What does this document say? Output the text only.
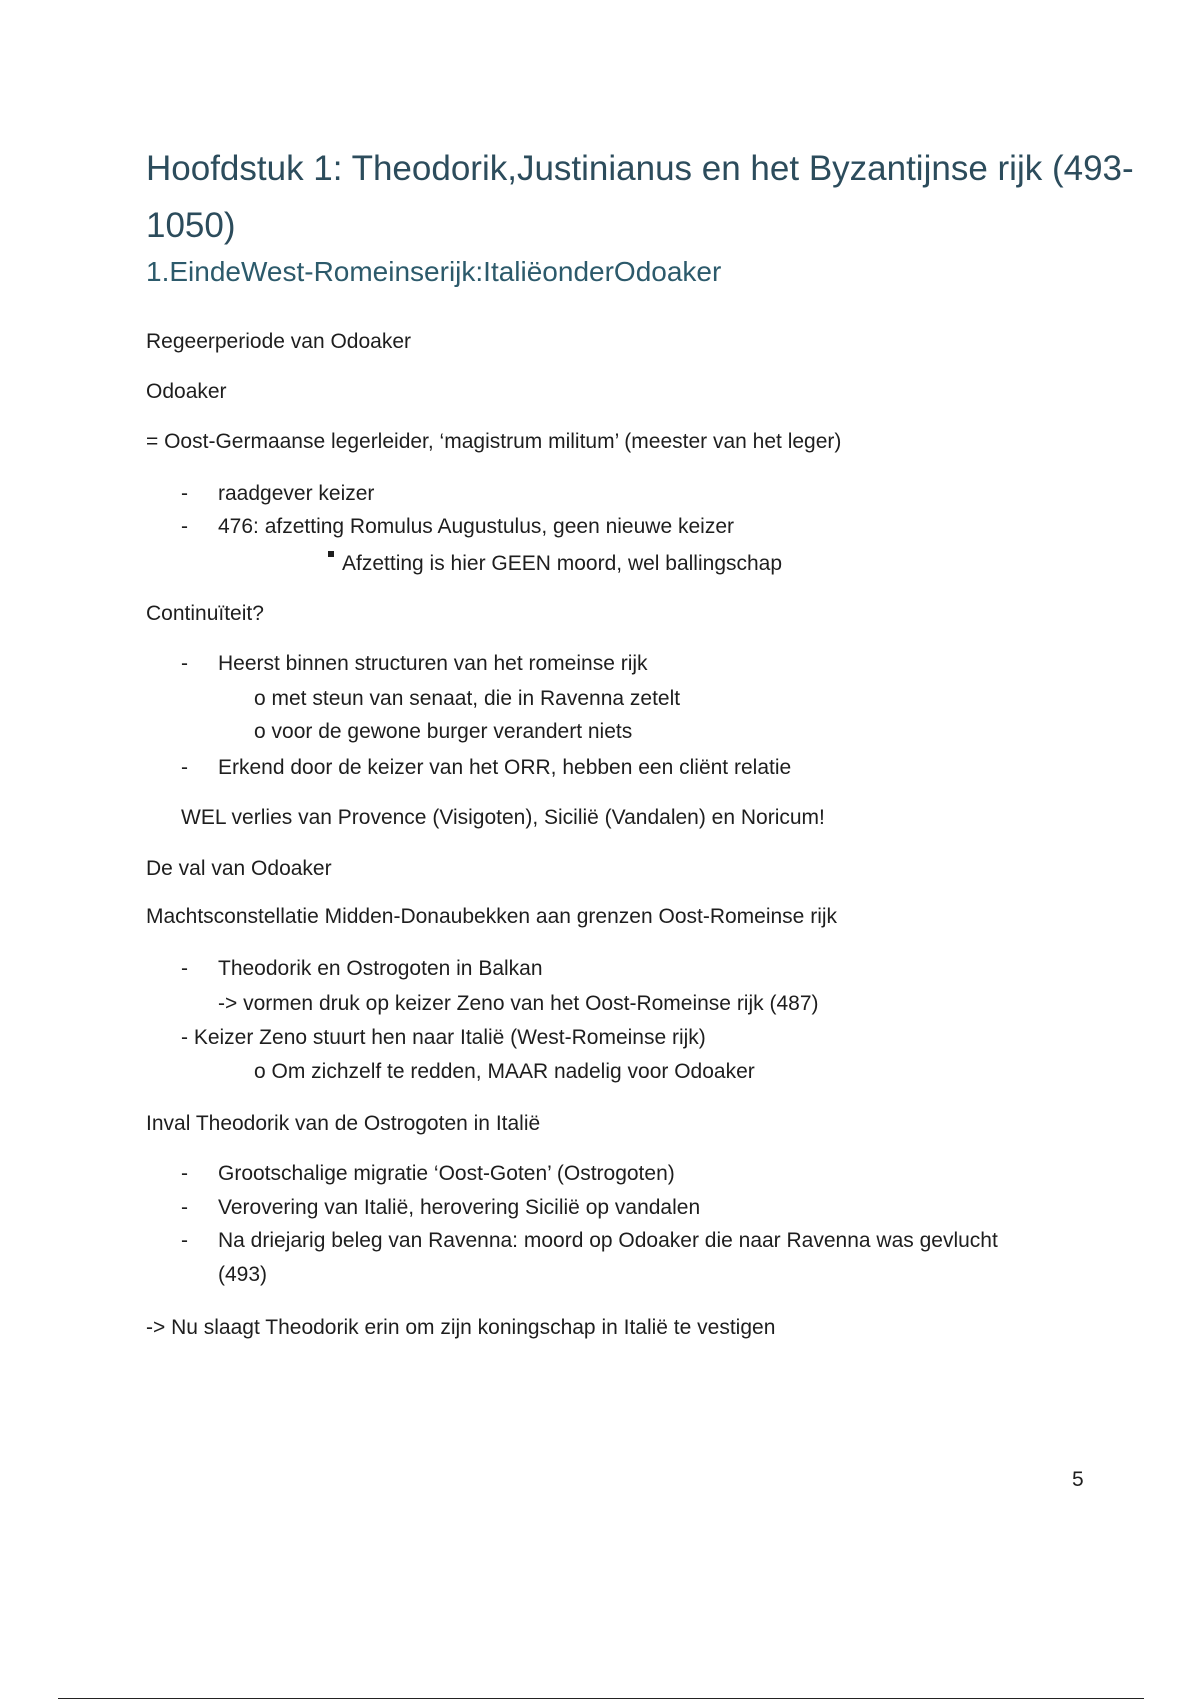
Hoofdstuk 1: Theodorik,Justinianus en het Byzantijnse rijk (493-1050)
1.EindeWest-Romeinserijk:ItaliëonderOdoaker

Regeerperiode van Odoaker

Odoaker

= Oost-Germaanse legerleider, ‘magistrum militum’ (meester van het leger)

- raadgever keizer

- 476: afzetting Romulus Augustulus, geen nieuwe keizer

Afzetting is hier GEEN moord, wel ballingschap

Continuïteit?

- Heerst binnen structuren van het romeinse rijk

o met steun van senaat, die in Ravenna zetelt

o voor de gewone burger verandert niets

- Erkend door de keizer van het ORR, hebben een cliënt relatie

WEL verlies van Provence (Visigoten), Sicilië (Vandalen) en Noricum!

De val van Odoaker

Machtsconstellatie Midden-Donaubekken aan grenzen Oost-Romeinse rijk

- Theodorik en Ostrogoten in Balkan

-> vormen druk op keizer Zeno van het Oost-Romeinse rijk (487)

- Keizer Zeno stuurt hen naar Italië (West-Romeinse rijk)

o Om zichzelf te redden, MAAR nadelig voor Odoaker

Inval Theodorik van de Ostrogoten in Italië

- Grootschalige migratie ‘Oost-Goten’ (Ostrogoten)

- Verovering van Italië, herovering Sicilië op vandalen

- Na driejarig beleg van Ravenna: moord op Odoaker die naar Ravenna was gevlucht

(493)

-> Nu slaagt Theodorik erin om zijn koningschap in Italië te vestigen

5
